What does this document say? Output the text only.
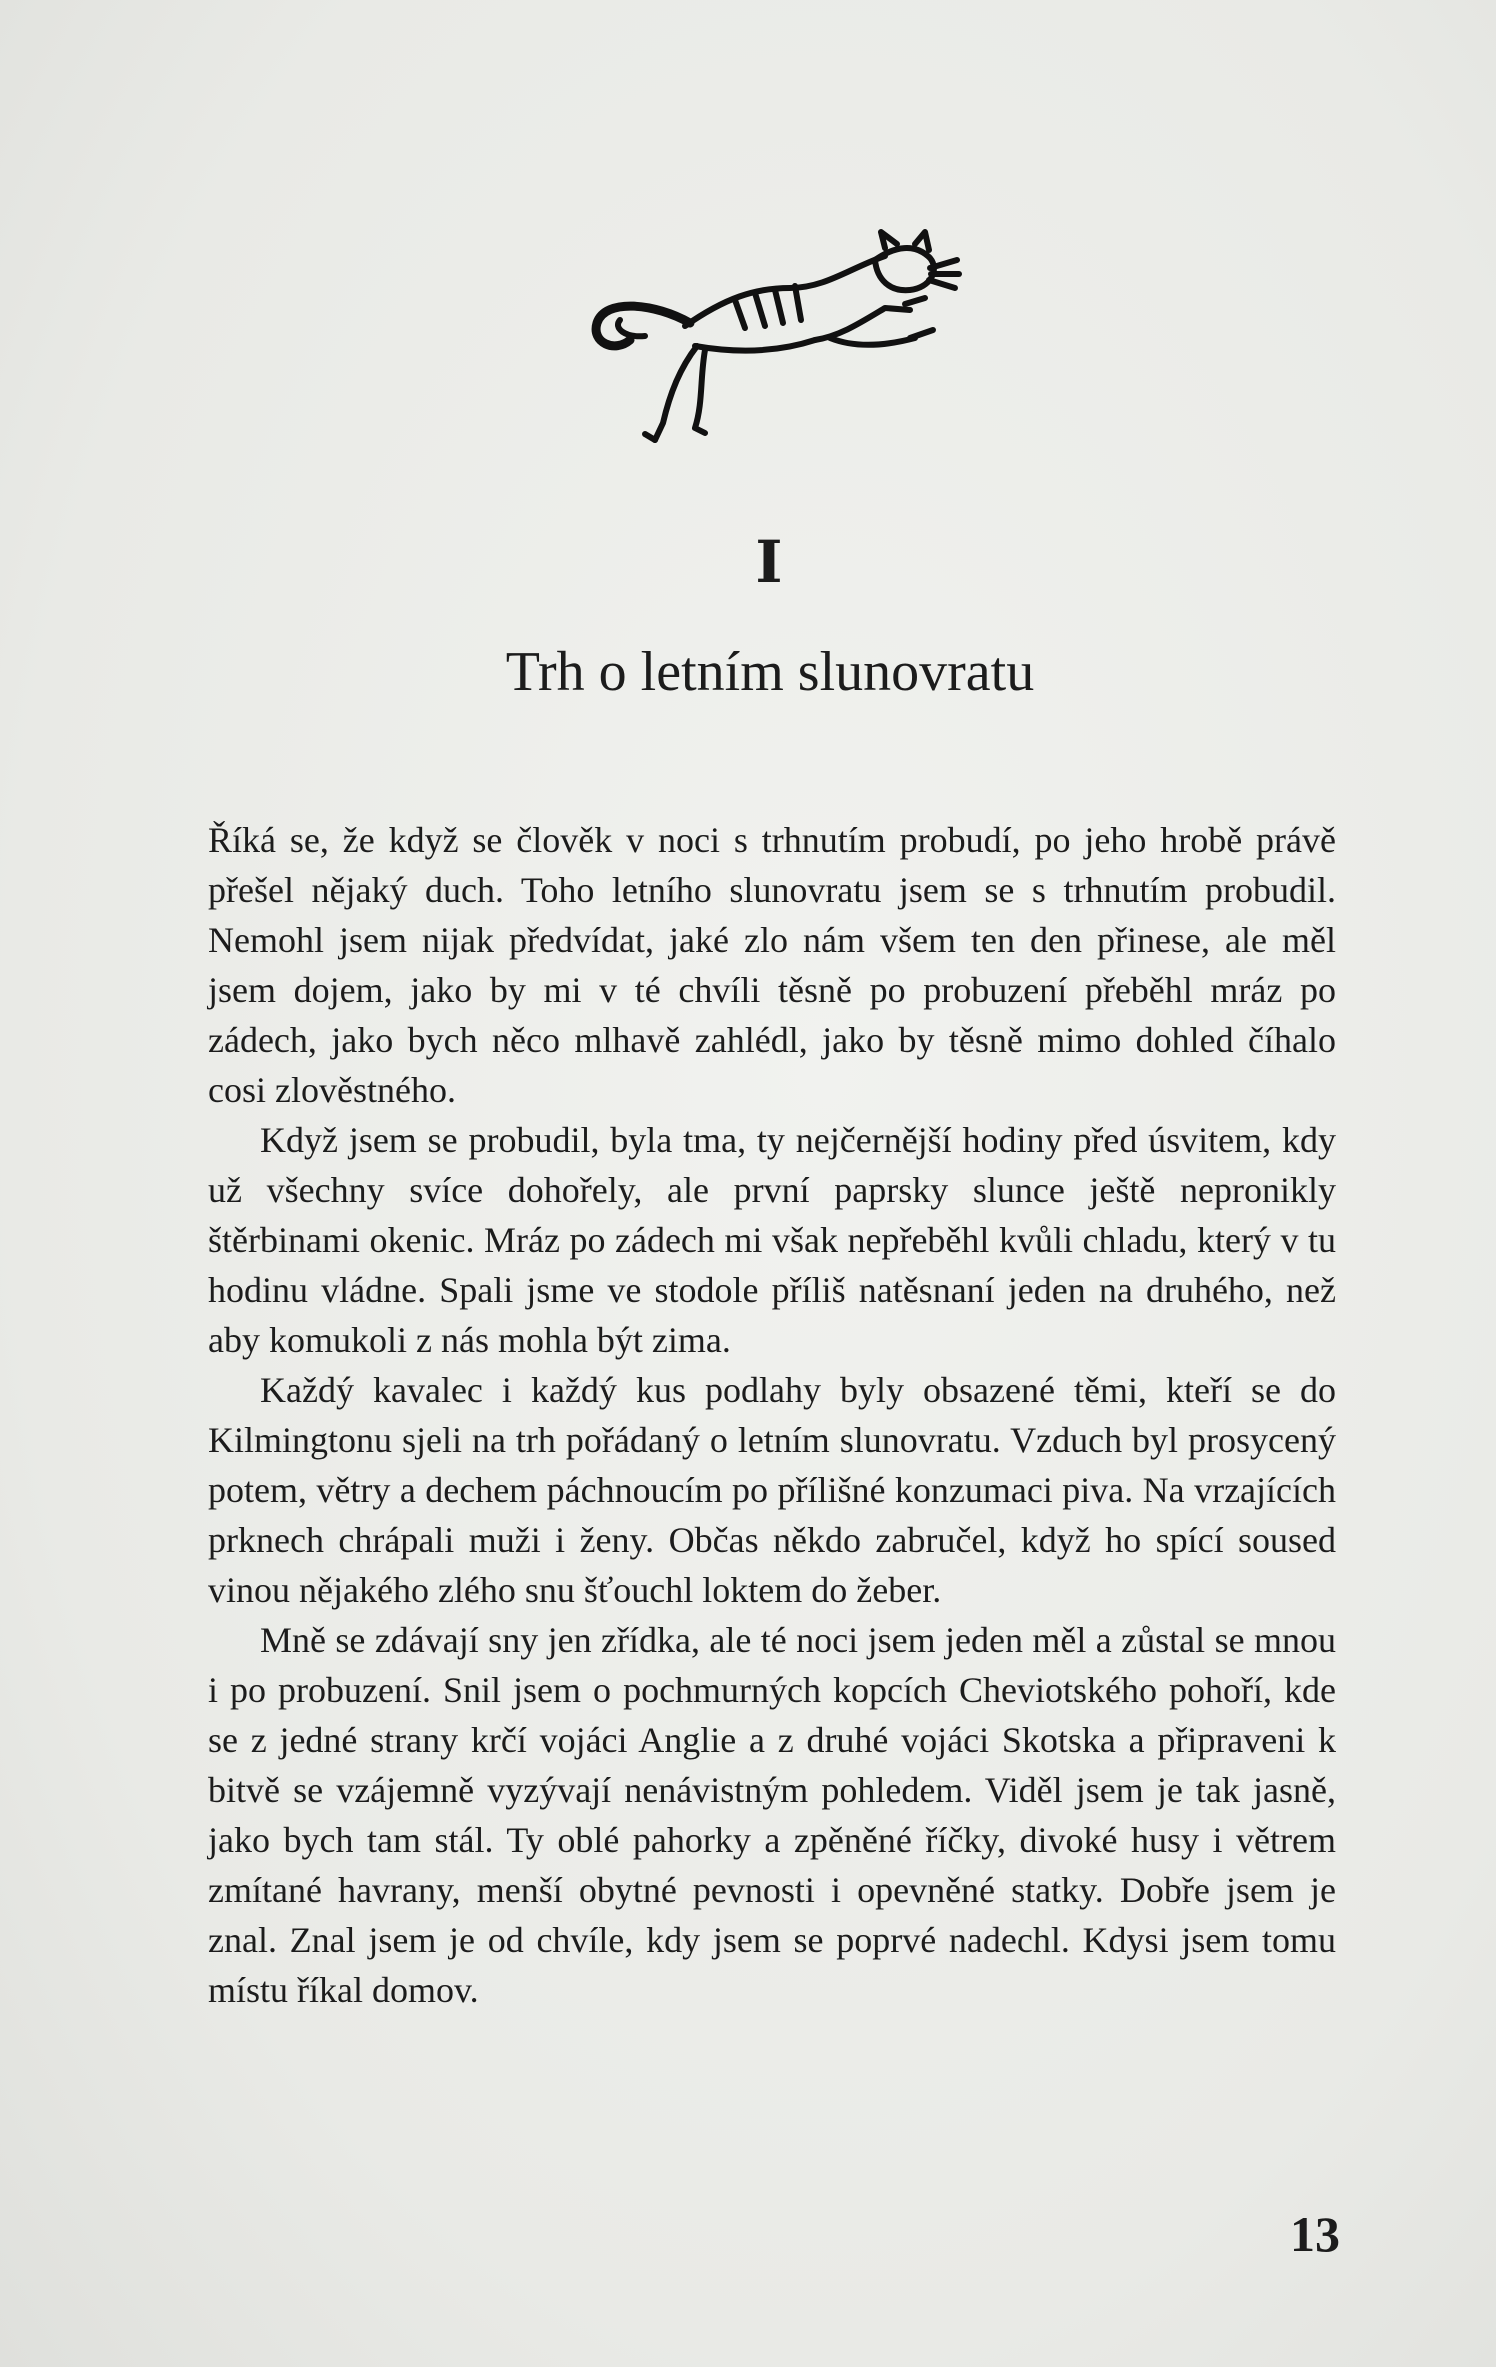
I
Trh o letním slunovratu

Říká se, že když se člověk v noci s trhnutím probudí, po jeho hrobě právě přešel nějaký duch. Toho letního slunovratu jsem se s trhnutím probudil. Nemohl jsem nijak předvídat, jaké zlo nám všem ten den přinese, ale měl jsem dojem, jako by mi v té chvíli těsně po probuzení přeběhl mráz po zádech, jako bych něco mlhavě zahlédl, jako by těsně mimo dohled číhalo cosi zlověstného.

Když jsem se probudil, byla tma, ty nejčernější hodiny před úsvitem, kdy už všechny svíce dohořely, ale první paprsky slunce ještě nepronikly štěrbinami okenic. Mráz po zádech mi však nepřeběhl kvůli chladu, který v tu hodinu vládne. Spali jsme ve stodole příliš natěsnaní jeden na druhého, než aby komukoli z nás mohla být zima.

Každý kavalec i každý kus podlahy byly obsazené těmi, kteří se do Kilmingtonu sjeli na trh pořádaný o letním slunovratu. Vzduch byl prosycený potem, větry a dechem páchnoucím po přílišné konzumaci piva. Na vrzajících prknech chrápali muži i ženy. Občas někdo zabručel, když ho spící soused vinou nějakého zlého snu šťouchl loktem do žeber.

Mně se zdávají sny jen zřídka, ale té noci jsem jeden měl a zůstal se mnou i po probuzení. Snil jsem o pochmurných kopcích Cheviotského pohoří, kde se z jedné strany krčí vojáci Anglie a z druhé vojáci Skotska a připraveni k bitvě se vzájemně vyzývají nenávistným pohledem. Viděl jsem je tak jasně, jako bych tam stál. Ty oblé pahorky a zpěněné říčky, divoké husy i větrem zmítané havrany, menší obytné pevnosti i opevněné statky. Dobře jsem je znal. Znal jsem je od chvíle, kdy jsem se poprvé nadechl. Kdysi jsem tomu místu říkal domov.

13
